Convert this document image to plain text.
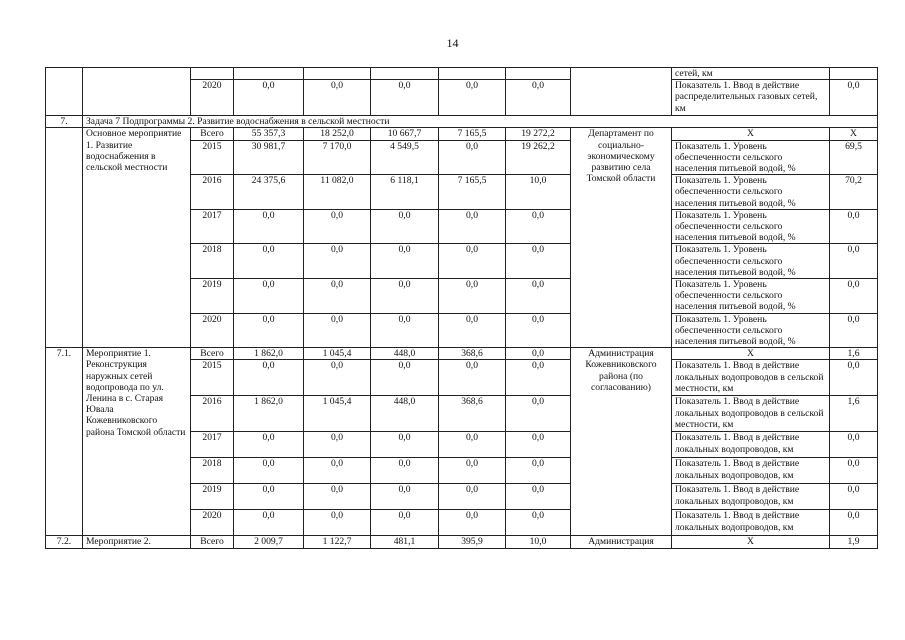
14
									сетей, км	
		2020	0,0	0,0	0,0	0,0	0,0		Показатель 1. Ввод в действие распределительных газовых сетей, км	0,0
7.	Задача 7 Подпрограммы 2. Развитие водоснабжения в сельской местности									
	Основное мероприятие 1. Развитие водоснабжения в сельской местности	Всего	55 357,3	18 252,0	10 667,7	7 165,5	19 272,2	Департамент по социально-экономическому развитию села Томской области	Х	Х
		2015	30 981,7	7 170,0	4 549,5	0,0	19 262,2		Показатель 1. Уровень обеспеченности сельского населения питьевой водой, %	69,5
		2016	24 375,6	11 082,0	6 118,1	7 165,5	10,0		Показатель 1. Уровень обеспеченности сельского населения питьевой водой, %	70,2
		2017	0,0	0,0	0,0	0,0	0,0		Показатель 1. Уровень обеспеченности сельского населения питьевой водой, %	0,0
		2018	0,0	0,0	0,0	0,0	0,0		Показатель 1. Уровень обеспеченности сельского населения питьевой водой, %	0,0
		2019	0,0	0,0	0,0	0,0	0,0		Показатель 1. Уровень обеспеченности сельского населения питьевой водой, %	0,0
		2020	0,0	0,0	0,0	0,0	0,0		Показатель 1. Уровень обеспеченности сельского населения питьевой водой, %	0,0
7.1.	Мероприятие 1. Реконструкция наружных сетей водопровода по ул. Ленина в с. Старая Ювала Кожевниковского района Томской области	Всего	1 862,0	1 045,4	448,0	368,6	0,0	Администрация Кожевниковского района (по согласованию)	Х	1,6
		2015	0,0	0,0	0,0	0,0	0,0		Показатель 1. Ввод в действие локальных водопроводов в сельской местности, км	0,0
		2016	1 862,0	1 045,4	448,0	368,6	0,0		Показатель 1. Ввод в действие локальных водопроводов в сельской местности, км	1,6
		2017	0,0	0,0	0,0	0,0	0,0		Показатель 1. Ввод в действие локальных водопроводов, км	0,0
		2018	0,0	0,0	0,0	0,0	0,0		Показатель 1. Ввод в действие локальных водопроводов, км	0,0
		2019	0,0	0,0	0,0	0,0	0,0		Показатель 1. Ввод в действие локальных водопроводов, км	0,0
		2020	0,0	0,0	0,0	0,0	0,0		Показатель 1. Ввод в действие локальных водопроводов, км	0,0
7.2.	Мероприятие 2.	Всего	2 009,7	1 122,7	481,1	395,9	10,0	Администрация	Х	1,9
